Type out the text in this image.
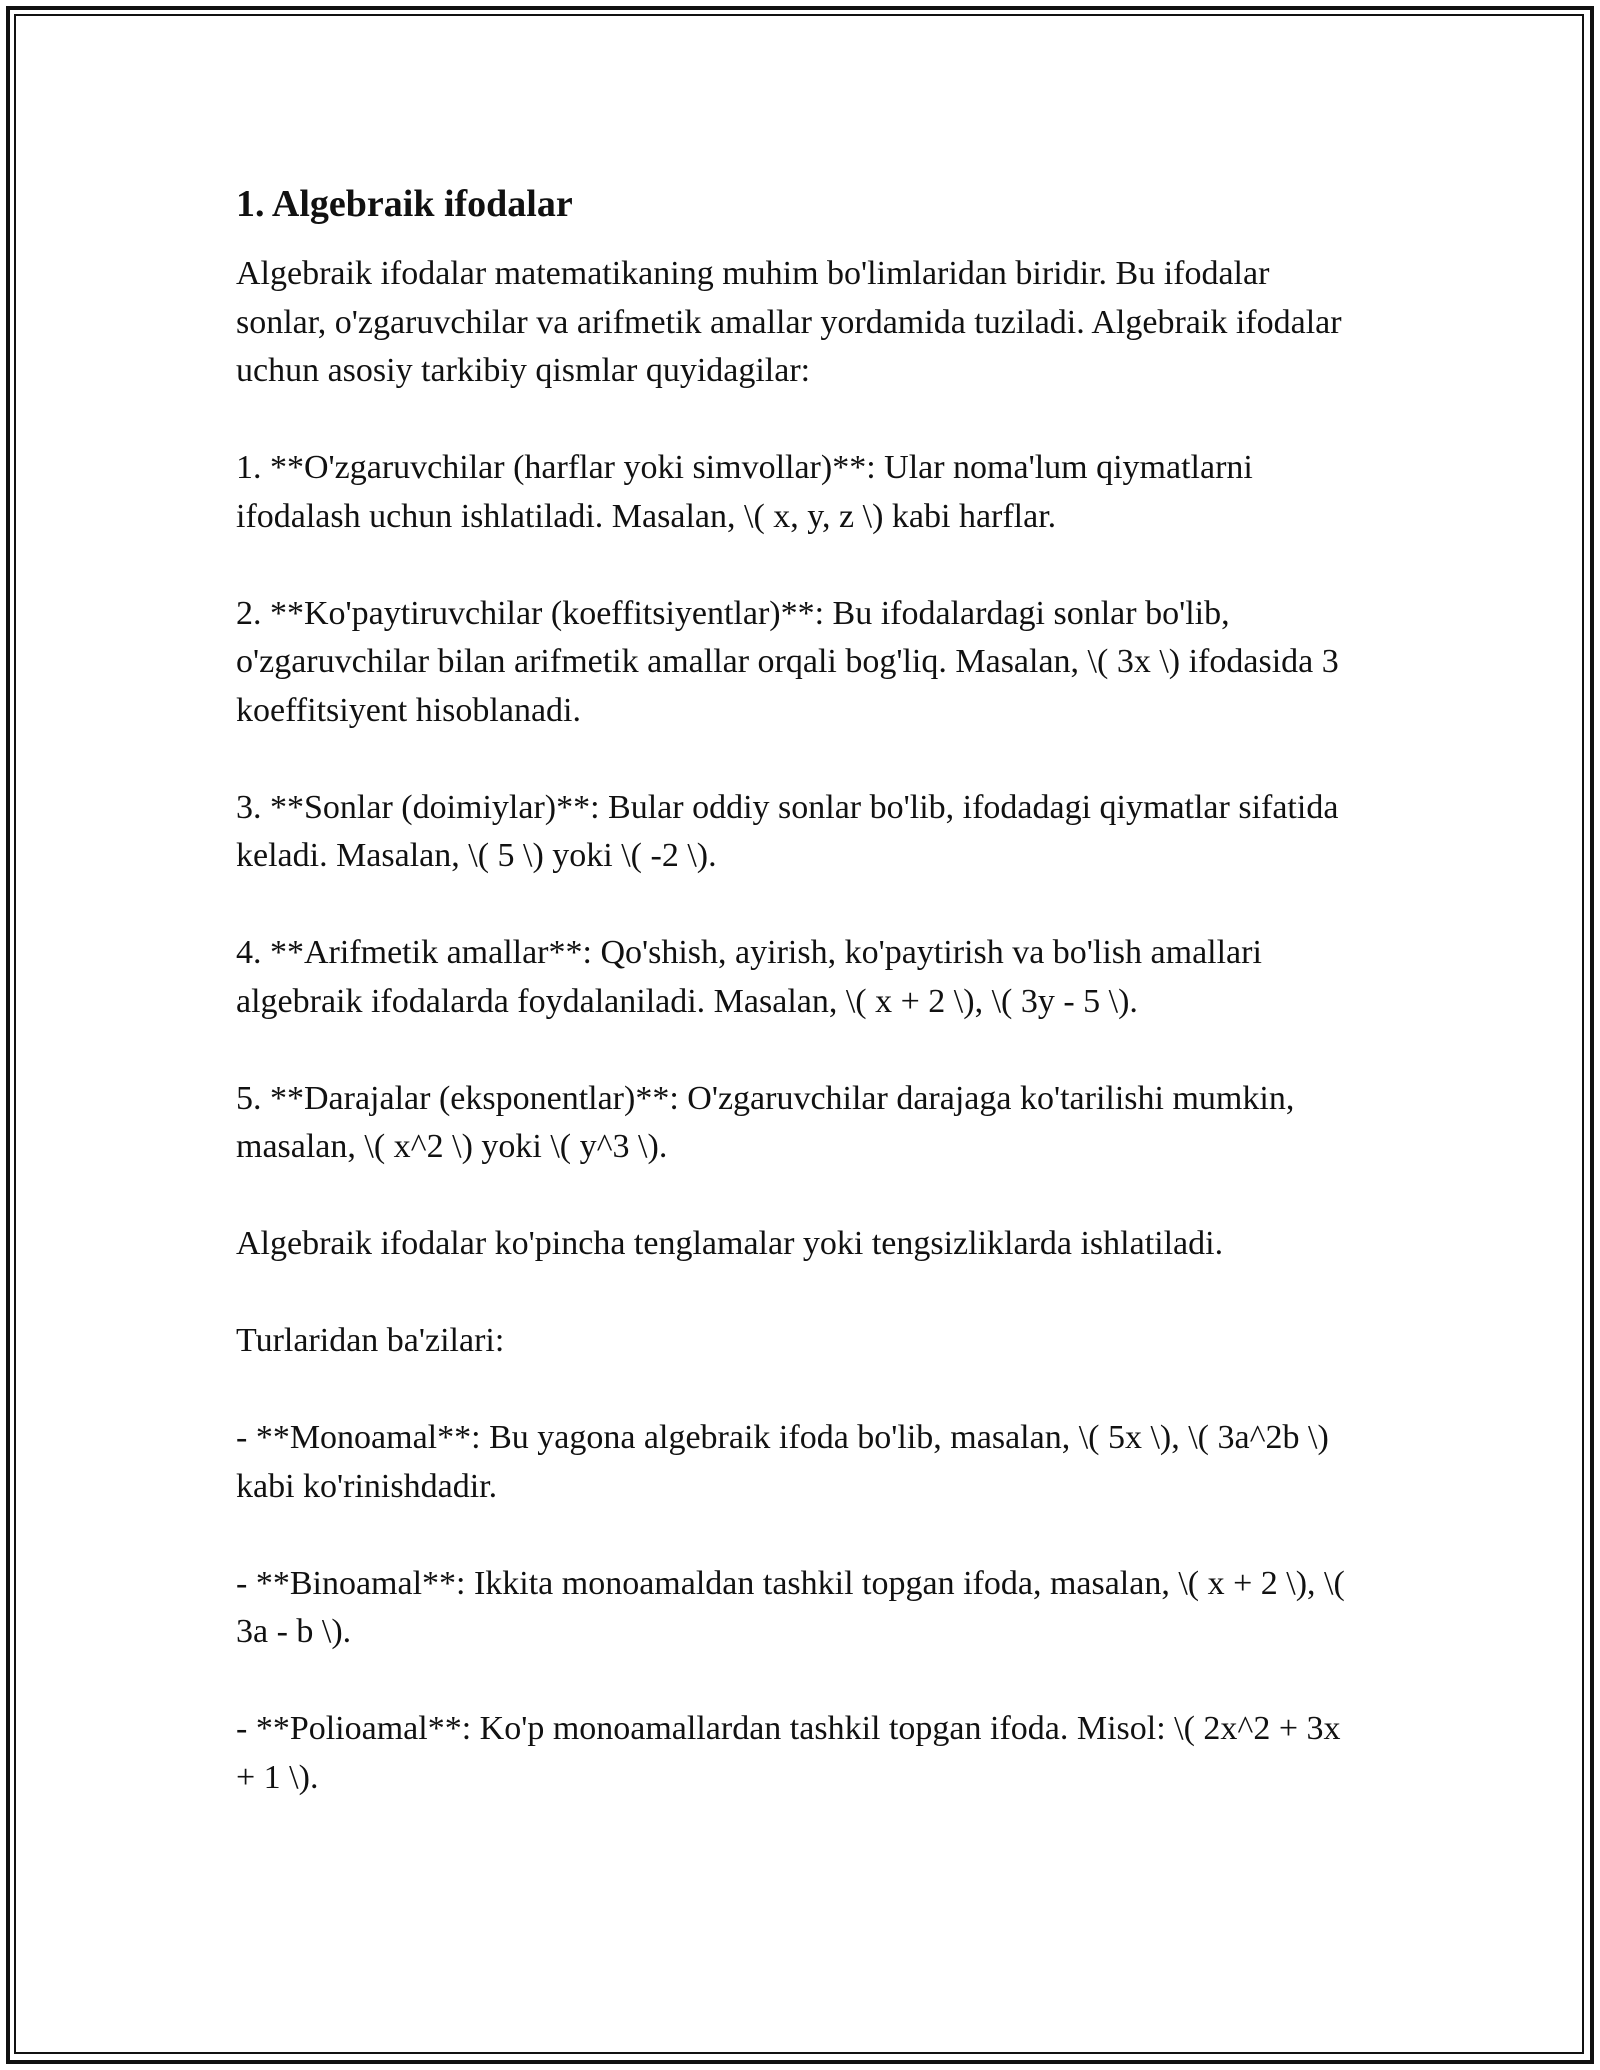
1. Algebraik ifodalar

Algebraik ifodalar matematikaning muhim bo'limlaridan biridir. Bu ifodalar sonlar, o'zgaruvchilar va arifmetik amallar yordamida tuziladi. Algebraik ifodalar uchun asosiy tarkibiy qismlar quyidagilar:

1. **O'zgaruvchilar (harflar yoki simvollar)**: Ular noma'lum qiymatlarni ifodalash uchun ishlatiladi. Masalan, \( x, y, z \) kabi harflar.

2. **Ko'paytiruvchilar (koeffitsiyentlar)**: Bu ifodalardagi sonlar bo'lib, o'zgaruvchilar bilan arifmetik amallar orqali bog'liq. Masalan, \( 3x \) ifodasida 3 koeffitsiyent hisoblanadi.

3. **Sonlar (doimiylar)**: Bular oddiy sonlar bo'lib, ifodadagi qiymatlar sifatida keladi. Masalan, \( 5 \) yoki \( -2 \).

4. **Arifmetik amallar**: Qo'shish, ayirish, ko'paytirish va bo'lish amallari algebraik ifodalarda foydalaniladi. Masalan, \( x + 2 \), \( 3y - 5 \).

5. **Darajalar (eksponentlar)**: O'zgaruvchilar darajaga ko'tarilishi mumkin, masalan, \( x^2 \) yoki \( y^3 \).

Algebraik ifodalar ko'pincha tenglamalar yoki tengsizliklarda ishlatiladi.

Turlaridan ba'zilari:

- **Monoamal**: Bu yagona algebraik ifoda bo'lib, masalan, \( 5x \), \( 3a^2b \) kabi ko'rinishdadir.

- **Binoamal**: Ikkita monoamaldan tashkil topgan ifoda, masalan, \( x + 2 \), \( 3a - b \).

- **Polioamal**: Ko'p monoamallardan tashkil topgan ifoda. Misol: \( 2x^2 + 3x + 1 \).
